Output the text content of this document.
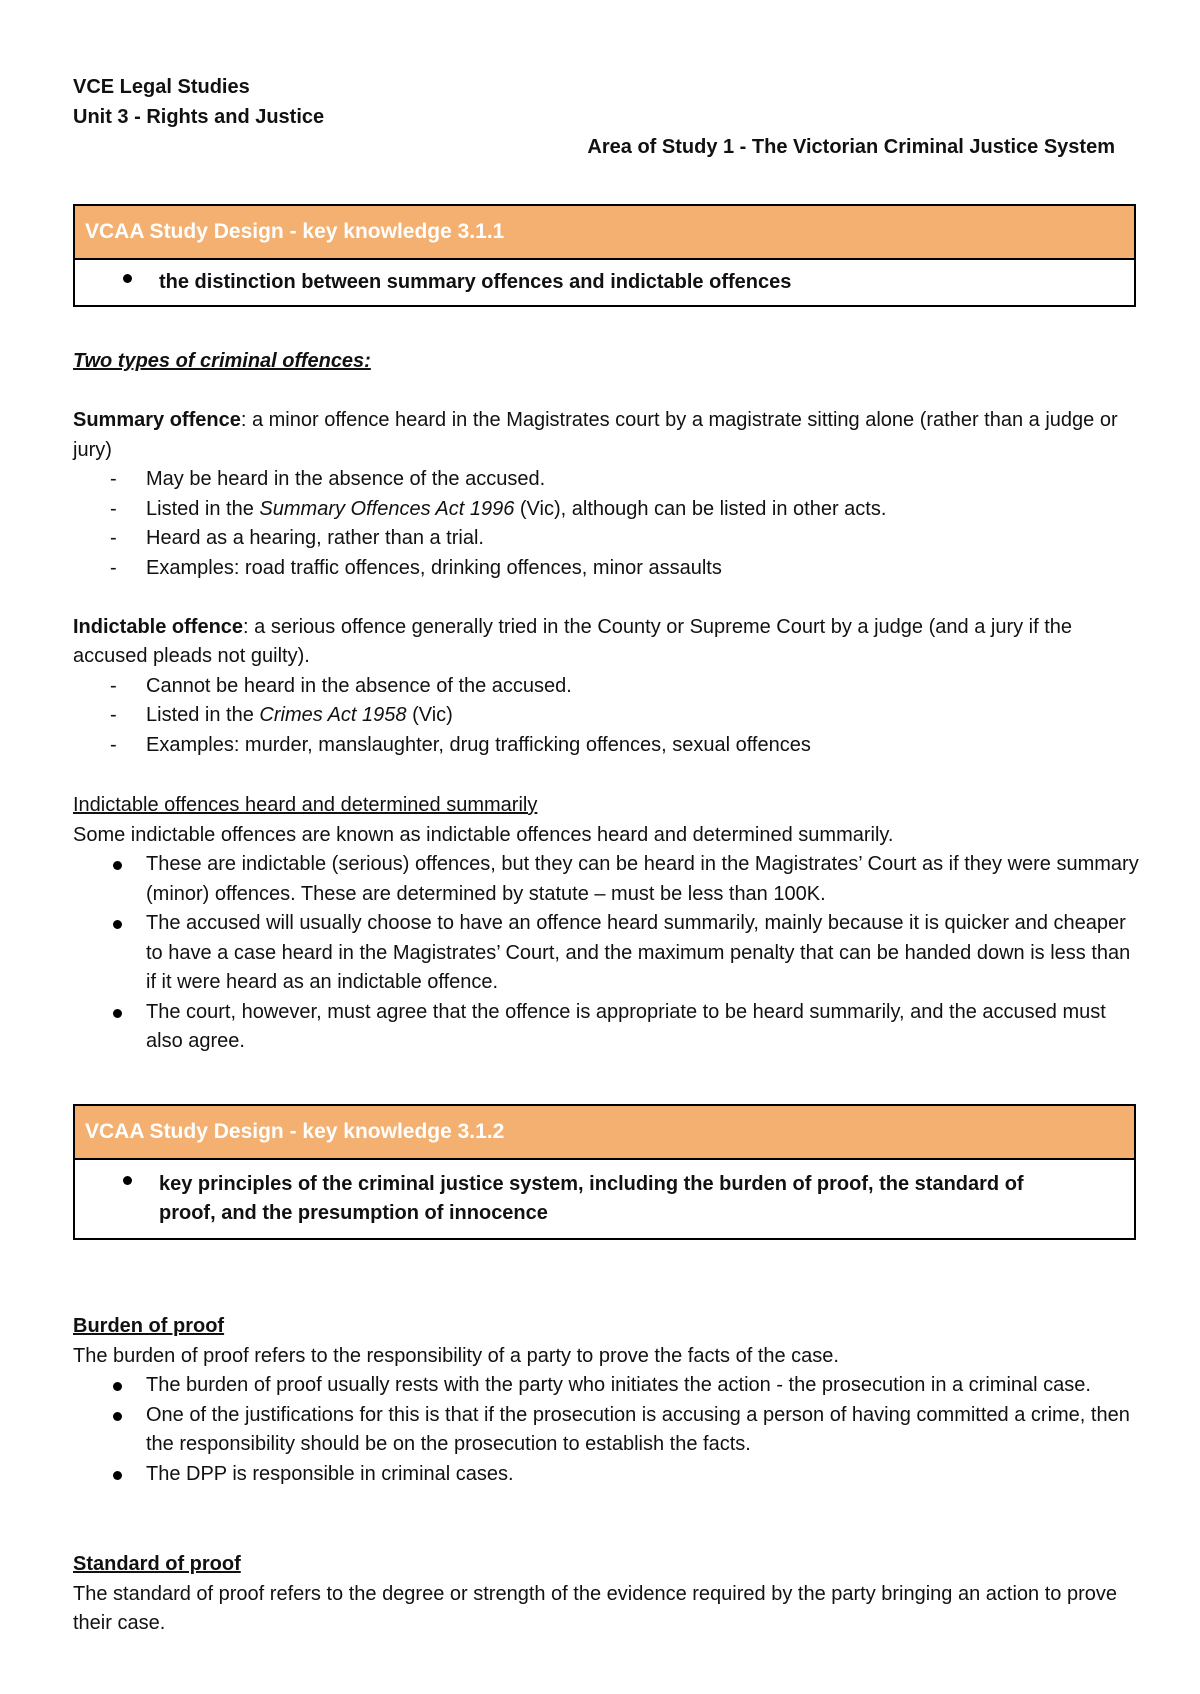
VCE Legal Studies
Unit 3 - Rights and Justice
Area of Study 1 - The Victorian Criminal Justice System
VCAA Study Design - key knowledge 3.1.1
the distinction between summary offences and indictable offences

Two types of criminal offences:

Summary offence: a minor offence heard in the Magistrates court by a magistrate sitting alone (rather than a judge or jury)

- May be heard in the absence of the accused.
- Listed in the Summary Offences Act 1996 (Vic), although can be listed in other acts.
- Heard as a hearing, rather than a trial.
- Examples: road traffic offences, drinking offences, minor assaults

Indictable offence: a serious offence generally tried in the County or Supreme Court by a judge (and a jury if the accused pleads not guilty).

- Cannot be heard in the absence of the accused.
- Listed in the Crimes Act 1958 (Vic)
- Examples: murder, manslaughter, drug trafficking offences, sexual offences

Indictable offences heard and determined summarily

Some indictable offences are known as indictable offences heard and determined summarily.

These are indictable (serious) offences, but they can be heard in the Magistrates’ Court as if they were summary (minor) offences. These are determined by statute – must be less than 100K.
The accused will usually choose to have an offence heard summarily, mainly because it is quicker and cheaper to have a case heard in the Magistrates’ Court, and the maximum penalty that can be handed down is less than if it were heard as an indictable offence.
The court, however, must agree that the offence is appropriate to be heard summarily, and the accused must also agree.
VCAA Study Design - key knowledge 3.1.2
key principles of the criminal justice system, including the burden of proof, the standard of proof, and the presumption of innocence

Burden of proof

The burden of proof refers to the responsibility of a party to prove the facts of the case.

The burden of proof usually rests with the party who initiates the action - the prosecution in a criminal case.
One of the justifications for this is that if the prosecution is accusing a person of having committed a crime, then the responsibility should be on the prosecution to establish the facts.
The DPP is responsible in criminal cases.

Standard of proof

The standard of proof refers to the degree or strength of the evidence required by the party bringing an action to prove their case.
